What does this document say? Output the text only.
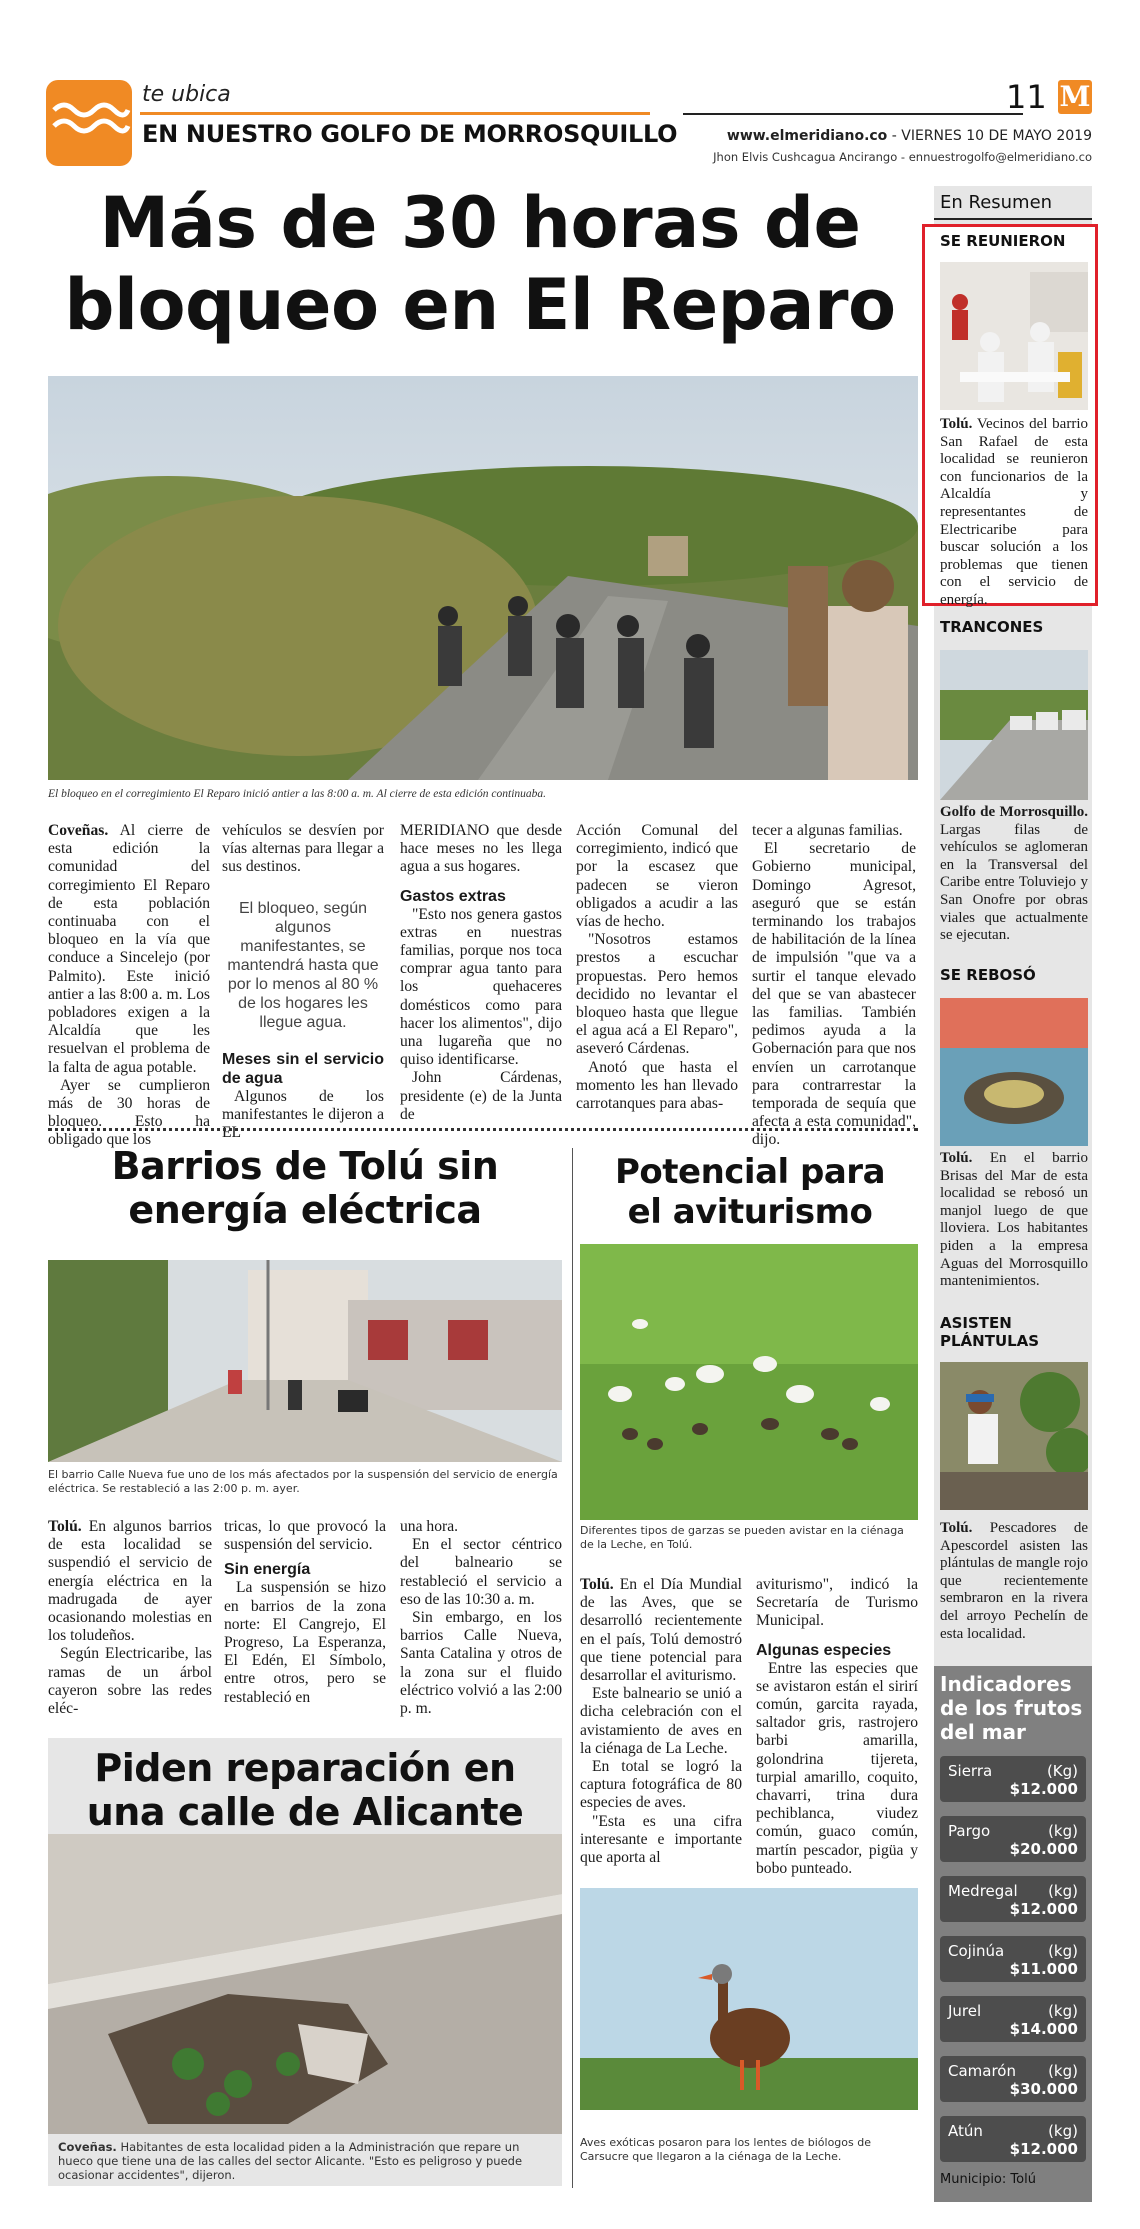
te ubica
EN NUESTRO GOLFO DE MORROSQUILLO
11 M
www.elmeridiano.co - VIERNES 10 DE MAYO 2019
Jhon Elvis Cushcagua Ancirango - ennuestrogolfo@elmeridiano.co
Más de 30 horas de
bloqueo en El Reparo
El bloqueo en el corregimiento El Reparo inició antier a las 8:00 a. m. Al cierre de esta edición continuaba.

Coveñas. Al cierre de esta edición la comunidad del corregimiento El Reparo de esta población continuaba con el bloqueo en la vía que conduce a Sincelejo (por Palmito). Este inició antier a las 8:00 a. m. Los pobladores exigen a la Alcaldía que les resuelvan el problema de la falta de agua potable.

Ayer se cumplieron más de 30 horas de bloqueo. Esto ha obligado que los

vehículos se desvíen por vías alternas para llegar a sus destinos.

El bloqueo, según algunos manifestantes, se mantendrá hasta que por lo menos al 80 % de los hogares les llegue agua.
Meses sin el servicio de agua

Algunos de los manifestantes le dijeron a EL

MERIDIANO que desde hace meses no les llega agua a sus hogares.

Gastos extras

"Esto nos genera gastos extras en nuestras familias, porque nos toca comprar agua tanto para los quehaceres domésticos como para hacer los alimentos", dijo una lugareña que no quiso identificarse.

John Cárdenas, presidente (e) de la Junta de

Acción Comunal del corregimiento, indicó que por la escasez que padecen se vieron obligados a acudir a las vías de hecho.

"Nosotros estamos prestos a escuchar propuestas. Pero hemos decidido no levantar el bloqueo hasta que llegue el agua acá a El Reparo", aseveró Cárdenas.

Anotó que hasta el momento les han llevado carrotanques para abas-

tecer a algunas familias.

El secretario de Gobierno municipal, Domingo Agresot, aseguró que se están terminando los trabajos de habilitación de la línea de impulsión "que va a surtir el tanque elevado del que se van abastecer las familias. También pedimos ayuda a la Gobernación para que nos envíen un carrotanque para contrarrestar la temporada de sequía que afecta a esta comunidad", dijo.

Barrios de Tolú sin
energía eléctrica
El barrio Calle Nueva fue uno de los más afectados por la suspensión del servicio de energía eléctrica. Se restableció a las 2:00 p. m. ayer.

Tolú. En algunos barrios de esta localidad se suspendió el servicio de energía eléctrica en la madrugada de ayer ocasionando molestias en los toludeños.

Según Electricaribe, las ramas de un árbol cayeron sobre las redes eléc-

tricas, lo que provocó la suspensión del servicio.

Sin energía

La suspensión se hizo en barrios de la zona norte: El Cangrejo, El Progreso, La Esperanza, El Edén, El Símbolo, entre otros, pero se restableció en

una hora.

En el sector céntrico del balneario se restableció el servicio a eso de las 10:30 a. m.

Sin embargo, en los barrios Calle Nueva, Santa Catalina y otros de la zona sur el fluido eléctrico volvió a las 2:00 p. m.

Piden reparación en
una calle de Alicante
Coveñas. Habitantes de esta localidad piden a la Administración que repare un hueco que tiene una de las calles del sector Alicante. "Esto es peligroso y puede ocasionar accidentes", dijeron.
Potencial para
el aviturismo
Diferentes tipos de garzas se pueden avistar en la ciénaga de la Leche, en Tolú.

Tolú. En el Día Mundial de las Aves, que se desarrolló recientemente en el país, Tolú demostró que tiene potencial para desarrollar el aviturismo.

Este balneario se unió a dicha celebración con el avistamiento de aves en la ciénaga de La Leche.

En total se logró la captura fotográfica de 80 especies de aves.

"Esta es una cifra interesante e importante que aporta al

aviturismo", indicó la Secretaría de Turismo Municipal.

Algunas especies

Entre las especies que se avistaron están el sirirí común, garcita rayada, saltador gris, rastrojero barbi amarilla, golondrina tijereta, turpial amarillo, coquito, chavarri, trina dura pechiblanca, viudez común, guaco común, martín pescador, pigüa y bobo punteado.

Aves exóticas posaron para los lentes de biólogos de Carsucre que llegaron a la ciénaga de la Leche.
En Resumen
SE REUNIERON
Tolú. Vecinos del barrio San Rafael de esta localidad se reunieron con funcionarios de la Alcaldía y representantes de Electricaribe para buscar solución a los problemas que tienen con el servicio de energía.
TRANCONES
Golfo de Morrosquillo. Largas filas de vehículos se aglomeran en la Transversal del Caribe entre Toluviejo y San Onofre por obras viales que actualmente se ejecutan.
SE REBOSÓ
Tolú. En el barrio Brisas del Mar de esta localidad se rebosó un manjol luego de que lloviera. Los habitantes piden a la empresa Aguas del Morrosquillo mantenimientos.
ASISTEN PLÁNTULAS
Tolú. Pescadores de Apescordel asisten las plántulas de mangle rojo que recientemente sembraron en la rivera del arroyo Pechelín de esta localidad.
Indicadores de los frutos del mar
Sierra	(Kg)
$12.000
Pargo	(kg)
$20.000
Medregal (kg)
$12.000
Cojinúa	(kg)
$11.000
Jurel	(kg)
$14.000
Camarón (kg)
$30.000
Atún	(kg)
$12.000
Municipio: Tolú
